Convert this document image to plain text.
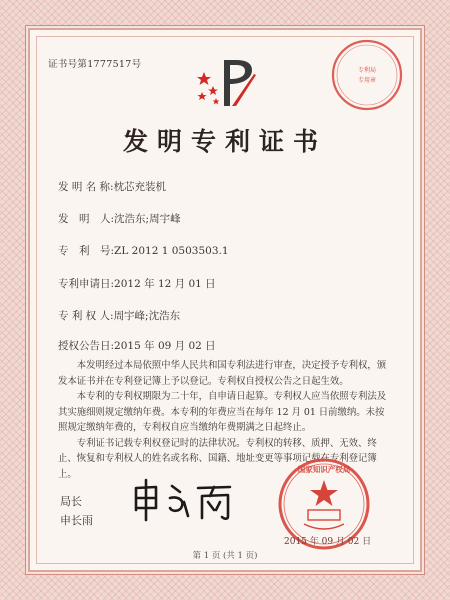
证书号第1777517号
专利局
专用章
发明专利证书
发 明 名 称:枕芯充装机
发　明　人:沈浩东;周宇峰
专　利　号:ZL 2012 1 0503503.1
专利申请日:2012 年 12 月 01 日
专 利 权 人:周宇峰;沈浩东
授权公告日:2015 年 09 月 02 日

本发明经过本局依照中华人民共和国专利法进行审查，决定授予专利权，颁发本证书并在专利登记簿上予以登记。专利权自授权公告之日起生效。

本专利的专利权期限为二十年，自申请日起算。专利权人应当依照专利法及其实施细则规定缴纳年费。本专利的年费应当在每年 12 月 01 日前缴纳。未按照规定缴纳年费的，专利权自应当缴纳年费期满之日起终止。

专利证书记载专利权登记时的法律状况。专利权的转移、质押、无效、终止、恢复和专利权人的姓名或名称、国籍、地址变更等事项记载在专利登记簿上。

局长
申长雨
国家知识产权局
2015 年 09 月 02 日
第 1 页 (共 1 页)
